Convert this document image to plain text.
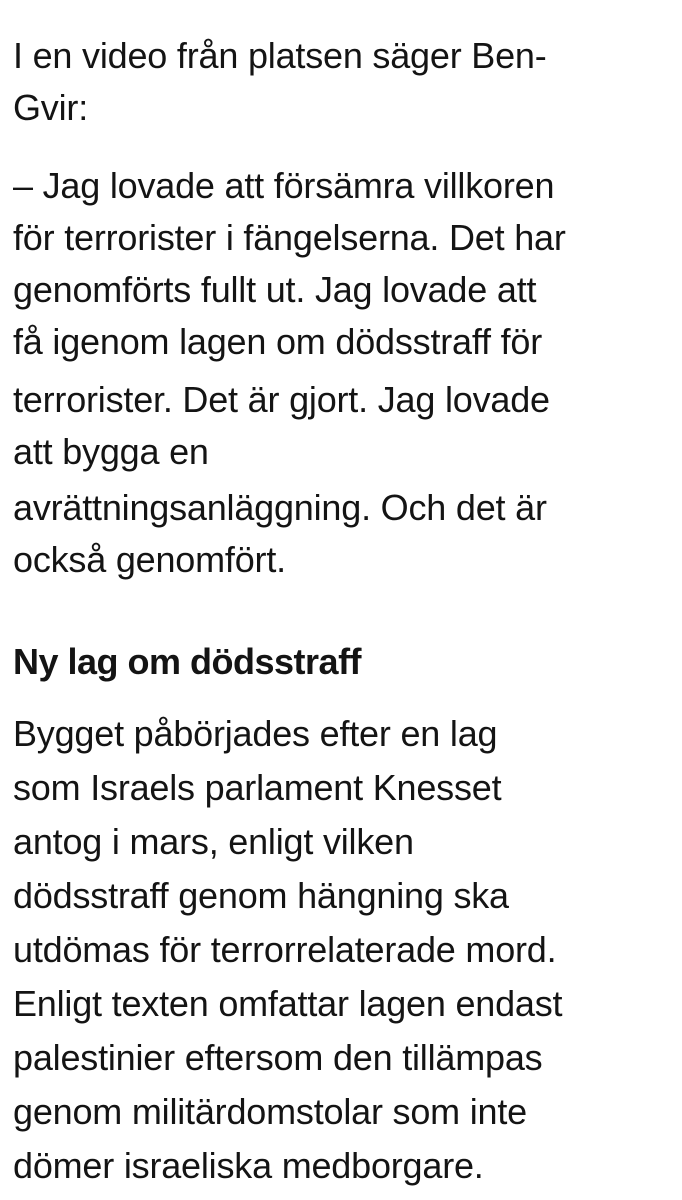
I en video från platsen säger Ben-

Gvir:

– Jag lovade att försämra villkoren

för terrorister i fängelserna. Det har

genomförts fullt ut. Jag lovade att

få igenom lagen om dödsstraff för

terrorister. Det är gjort. Jag lovade

att bygga en

avrättningsanläggning. Och det är

också genomfört.

Ny lag om dödsstraff

Bygget påbörjades efter en lag

som Israels parlament Knesset

antog i mars, enligt vilken

dödsstraff genom hängning ska

utdömas för terrorrelaterade mord.

Enligt texten omfattar lagen endast

palestinier eftersom den tillämpas

genom militärdomstolar som inte

dömer israeliska medborgare.
